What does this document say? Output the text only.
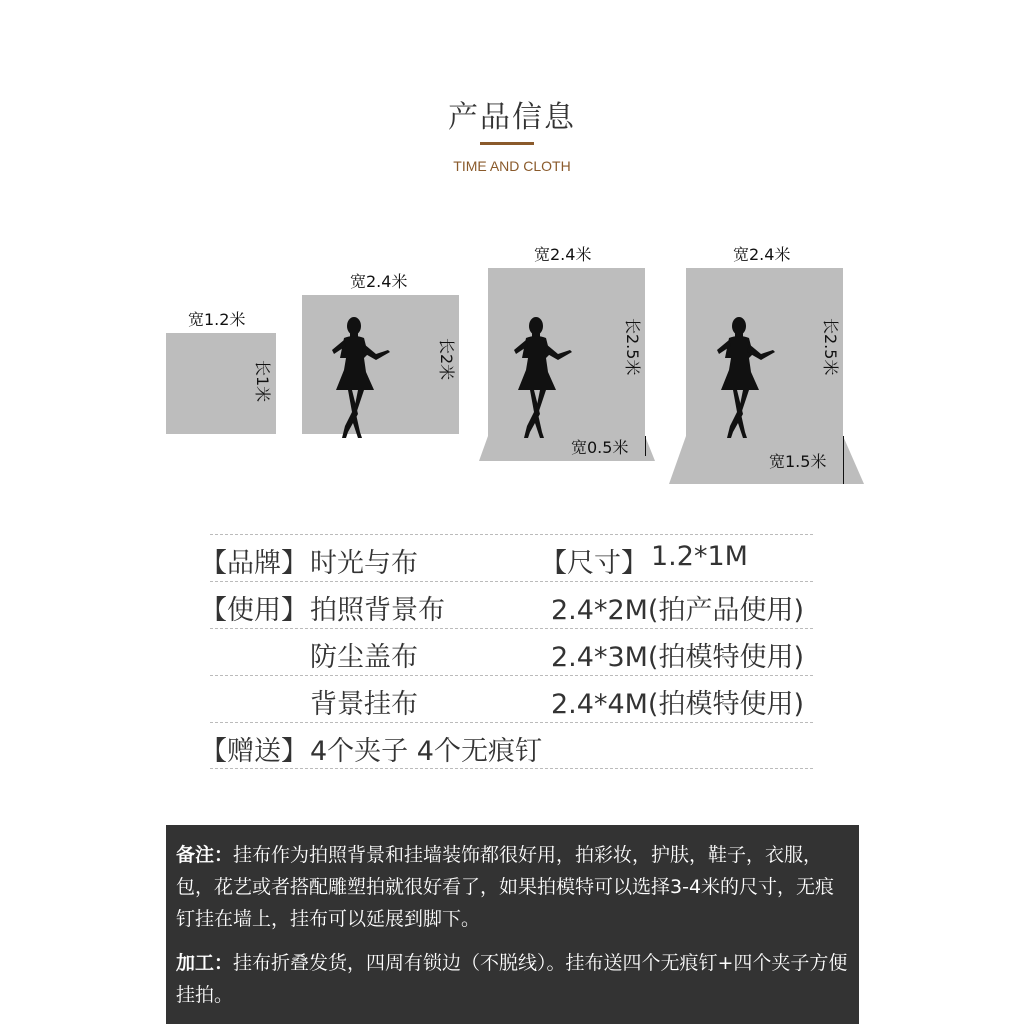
产品信息
TIME AND CLOTH
宽1.2米
长1米
宽2.4米
长2米
宽2.4米
长2.5米
宽0.5米
宽2.4米
长2.5米
宽1.5米
【品牌】 时光与布	【尺寸】 1.2*1M
【使用】 拍照背景布	2.4*2M(拍产品使用)
防尘盖布	2.4*3M(拍模特使用)
背景挂布	2.4*4M(拍模特使用)
【赠送】 4个夹子 4个无痕钉

备注：挂布作为拍照背景和挂墙装饰都很好用，拍彩妆，护肤，鞋子，衣服，包，花艺或者搭配雕塑拍就很好看了，如果拍模特可以选择3-4米的尺寸，无痕钉挂在墙上，挂布可以延展到脚下。

加工：挂布折叠发货，四周有锁边（不脱线）。挂布送四个无痕钉+四个夹子方便挂拍。
